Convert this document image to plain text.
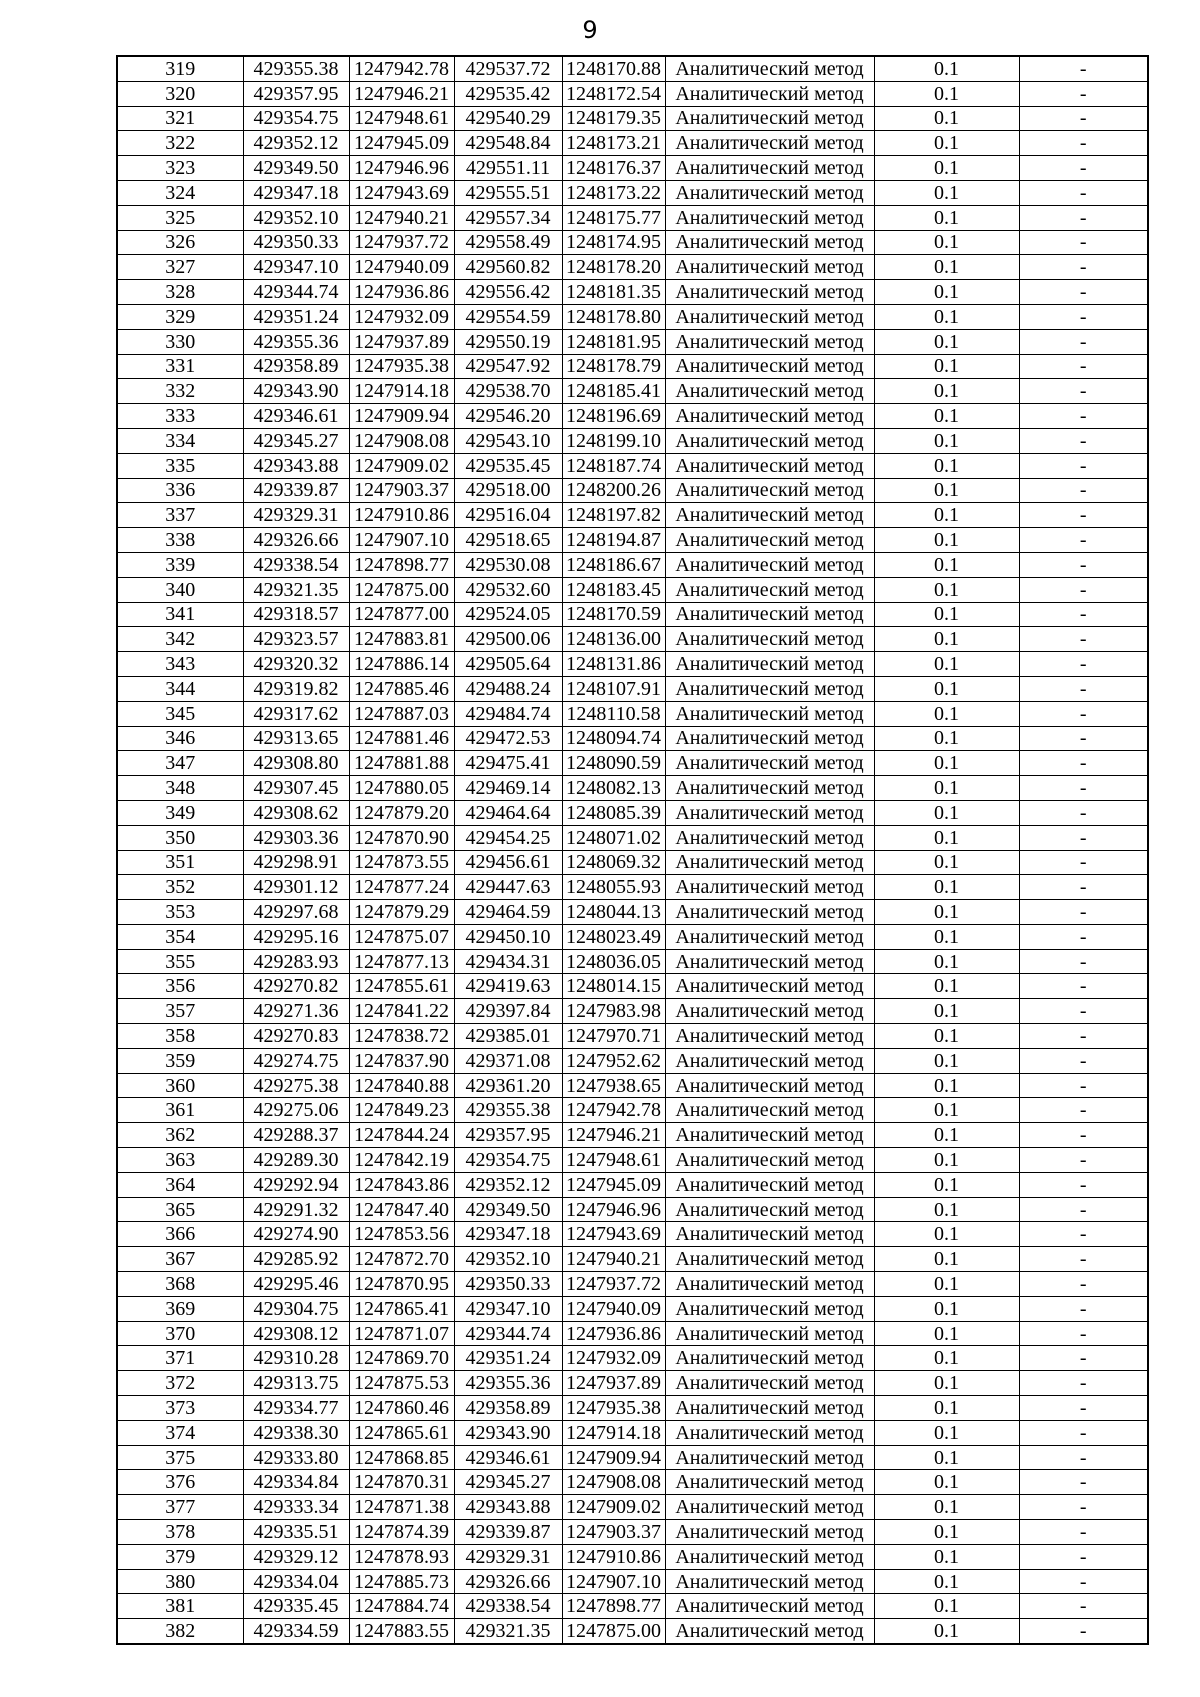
9
319	429355.38	1247942.78	429537.72	1248170.88	Аналитический метод	0.1	-
320	429357.95	1247946.21	429535.42	1248172.54	Аналитический метод	0.1	-
321	429354.75	1247948.61	429540.29	1248179.35	Аналитический метод	0.1	-
322	429352.12	1247945.09	429548.84	1248173.21	Аналитический метод	0.1	-
323	429349.50	1247946.96	429551.11	1248176.37	Аналитический метод	0.1	-
324	429347.18	1247943.69	429555.51	1248173.22	Аналитический метод	0.1	-
325	429352.10	1247940.21	429557.34	1248175.77	Аналитический метод	0.1	-
326	429350.33	1247937.72	429558.49	1248174.95	Аналитический метод	0.1	-
327	429347.10	1247940.09	429560.82	1248178.20	Аналитический метод	0.1	-
328	429344.74	1247936.86	429556.42	1248181.35	Аналитический метод	0.1	-
329	429351.24	1247932.09	429554.59	1248178.80	Аналитический метод	0.1	-
330	429355.36	1247937.89	429550.19	1248181.95	Аналитический метод	0.1	-
331	429358.89	1247935.38	429547.92	1248178.79	Аналитический метод	0.1	-
332	429343.90	1247914.18	429538.70	1248185.41	Аналитический метод	0.1	-
333	429346.61	1247909.94	429546.20	1248196.69	Аналитический метод	0.1	-
334	429345.27	1247908.08	429543.10	1248199.10	Аналитический метод	0.1	-
335	429343.88	1247909.02	429535.45	1248187.74	Аналитический метод	0.1	-
336	429339.87	1247903.37	429518.00	1248200.26	Аналитический метод	0.1	-
337	429329.31	1247910.86	429516.04	1248197.82	Аналитический метод	0.1	-
338	429326.66	1247907.10	429518.65	1248194.87	Аналитический метод	0.1	-
339	429338.54	1247898.77	429530.08	1248186.67	Аналитический метод	0.1	-
340	429321.35	1247875.00	429532.60	1248183.45	Аналитический метод	0.1	-
341	429318.57	1247877.00	429524.05	1248170.59	Аналитический метод	0.1	-
342	429323.57	1247883.81	429500.06	1248136.00	Аналитический метод	0.1	-
343	429320.32	1247886.14	429505.64	1248131.86	Аналитический метод	0.1	-
344	429319.82	1247885.46	429488.24	1248107.91	Аналитический метод	0.1	-
345	429317.62	1247887.03	429484.74	1248110.58	Аналитический метод	0.1	-
346	429313.65	1247881.46	429472.53	1248094.74	Аналитический метод	0.1	-
347	429308.80	1247881.88	429475.41	1248090.59	Аналитический метод	0.1	-
348	429307.45	1247880.05	429469.14	1248082.13	Аналитический метод	0.1	-
349	429308.62	1247879.20	429464.64	1248085.39	Аналитический метод	0.1	-
350	429303.36	1247870.90	429454.25	1248071.02	Аналитический метод	0.1	-
351	429298.91	1247873.55	429456.61	1248069.32	Аналитический метод	0.1	-
352	429301.12	1247877.24	429447.63	1248055.93	Аналитический метод	0.1	-
353	429297.68	1247879.29	429464.59	1248044.13	Аналитический метод	0.1	-
354	429295.16	1247875.07	429450.10	1248023.49	Аналитический метод	0.1	-
355	429283.93	1247877.13	429434.31	1248036.05	Аналитический метод	0.1	-
356	429270.82	1247855.61	429419.63	1248014.15	Аналитический метод	0.1	-
357	429271.36	1247841.22	429397.84	1247983.98	Аналитический метод	0.1	-
358	429270.83	1247838.72	429385.01	1247970.71	Аналитический метод	0.1	-
359	429274.75	1247837.90	429371.08	1247952.62	Аналитический метод	0.1	-
360	429275.38	1247840.88	429361.20	1247938.65	Аналитический метод	0.1	-
361	429275.06	1247849.23	429355.38	1247942.78	Аналитический метод	0.1	-
362	429288.37	1247844.24	429357.95	1247946.21	Аналитический метод	0.1	-
363	429289.30	1247842.19	429354.75	1247948.61	Аналитический метод	0.1	-
364	429292.94	1247843.86	429352.12	1247945.09	Аналитический метод	0.1	-
365	429291.32	1247847.40	429349.50	1247946.96	Аналитический метод	0.1	-
366	429274.90	1247853.56	429347.18	1247943.69	Аналитический метод	0.1	-
367	429285.92	1247872.70	429352.10	1247940.21	Аналитический метод	0.1	-
368	429295.46	1247870.95	429350.33	1247937.72	Аналитический метод	0.1	-
369	429304.75	1247865.41	429347.10	1247940.09	Аналитический метод	0.1	-
370	429308.12	1247871.07	429344.74	1247936.86	Аналитический метод	0.1	-
371	429310.28	1247869.70	429351.24	1247932.09	Аналитический метод	0.1	-
372	429313.75	1247875.53	429355.36	1247937.89	Аналитический метод	0.1	-
373	429334.77	1247860.46	429358.89	1247935.38	Аналитический метод	0.1	-
374	429338.30	1247865.61	429343.90	1247914.18	Аналитический метод	0.1	-
375	429333.80	1247868.85	429346.61	1247909.94	Аналитический метод	0.1	-
376	429334.84	1247870.31	429345.27	1247908.08	Аналитический метод	0.1	-
377	429333.34	1247871.38	429343.88	1247909.02	Аналитический метод	0.1	-
378	429335.51	1247874.39	429339.87	1247903.37	Аналитический метод	0.1	-
379	429329.12	1247878.93	429329.31	1247910.86	Аналитический метод	0.1	-
380	429334.04	1247885.73	429326.66	1247907.10	Аналитический метод	0.1	-
381	429335.45	1247884.74	429338.54	1247898.77	Аналитический метод	0.1	-
382	429334.59	1247883.55	429321.35	1247875.00	Аналитический метод	0.1	-
